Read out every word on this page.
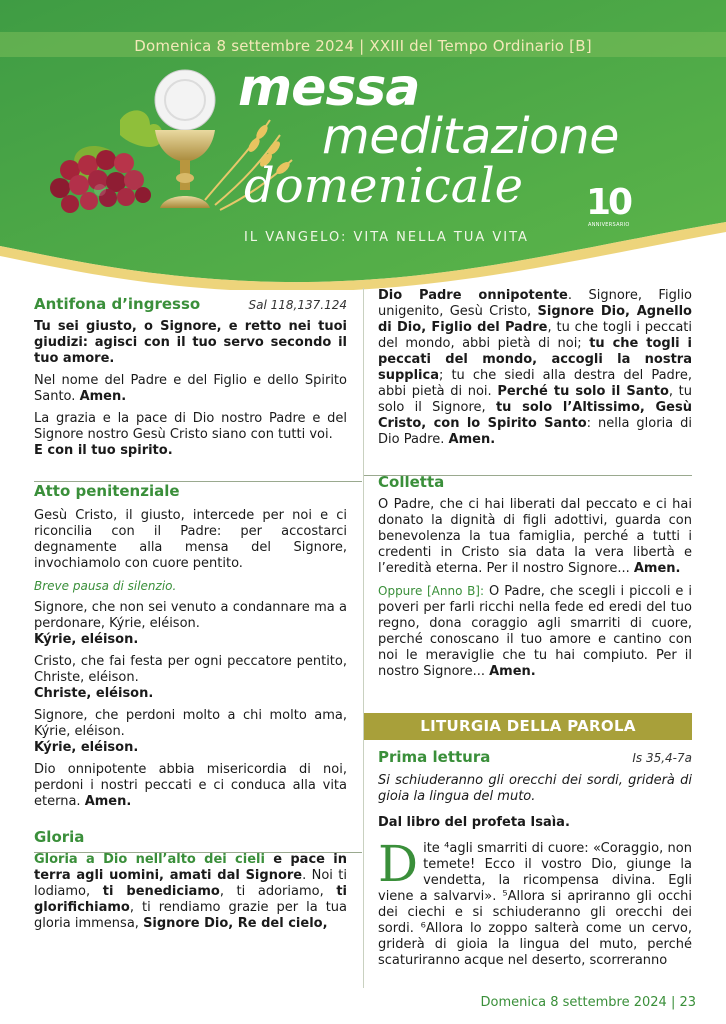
Domenica 8 settembre 2024 | XXIII del Tempo Ordinario [B]
messa
meditazione
domenicale
IL VANGELO: VITA NELLA TUA VITA
10
ANNIVERSARIO
Antifona d’ingresso	Sal 118,137.124

Tu sei giusto, o Signore, e retto nei tuoi giudizi: agisci con il tuo servo secondo il tuo amore.

Nel nome del Padre e del Figlio e dello Spirito Santo. Amen.

La grazia e la pace di Dio nostro Padre e del Signore nostro Gesù Cristo siano con tutti voi.

E con il tuo spirito.

Atto penitenziale

Gesù Cristo, il giusto, intercede per noi e ci riconcilia con il Padre: per accostarci degnamente alla mensa del Signore, invochiamolo con cuore pentito.

Breve pausa di silenzio.

Signore, che non sei venuto a condannare ma a perdonare, Kýrie, eléison.

Kýrie, eléison.

Cristo, che fai festa per ogni peccatore pentito, Christe, eléison.

Christe, eléison.

Signore, che perdoni molto a chi molto ama, Kýrie, eléison.

Kýrie, eléison.

Dio onnipotente abbia misericordia di noi, perdoni i nostri peccati e ci conduca alla vita eterna. Amen.

Gloria

Gloria a Dio nell’alto dei cieli e pace in terra agli uomini, amati dal Signore. Noi ti lodiamo, ti benediciamo, ti adoriamo, ti glorifichiamo, ti rendiamo grazie per la tua gloria immensa, Signore Dio, Re del cielo,

Dio Padre onnipotente. Signore, Figlio unigenito, Gesù Cristo, Signore Dio, Agnello di Dio, Figlio del Padre, tu che togli i peccati del mondo, abbi pietà di noi; tu che togli i peccati del mondo, accogli la nostra supplica; tu che siedi alla destra del Padre, abbi pietà di noi. Perché tu solo il Santo, tu solo il Signore, tu solo l’Altissimo, Gesù Cristo, con lo Spirito Santo: nella gloria di Dio Padre. Amen.

Colletta

O Padre, che ci hai liberati dal peccato e ci hai donato la dignità di figli adottivi, guarda con benevolenza la tua famiglia, perché a tutti i credenti in Cristo sia data la vera libertà e l’eredità eterna. Per il nostro Signore... Amen.

Oppure [Anno B]: O Padre, che scegli i piccoli e i poveri per farli ricchi nella fede ed eredi del tuo regno, dona coraggio agli smarriti di cuore, perché conoscano il tuo amore e cantino con noi le meraviglie che tu hai compiuto. Per il nostro Signore... Amen.

LITURGIA DELLA PAROLA
Prima lettura	Is 35,4-7a

Si schiuderanno gli orecchi dei sordi, griderà di gioia la lingua del muto.

Dal libro del profeta Isaìa.

Dite ⁴agli smarriti di cuore: «Coraggio, non temete! Ecco il vostro Dio, giunge la vendetta, la ricompensa divina. Egli viene a salvarvi». ⁵Allora si apriranno gli occhi dei ciechi e si schiuderanno gli orecchi dei sordi. ⁶Allora lo zoppo salterà come un cervo, griderà di gioia la lingua del muto, perché scaturiranno acque nel deserto, scorreranno

Domenica 8 settembre 2024 | 23
